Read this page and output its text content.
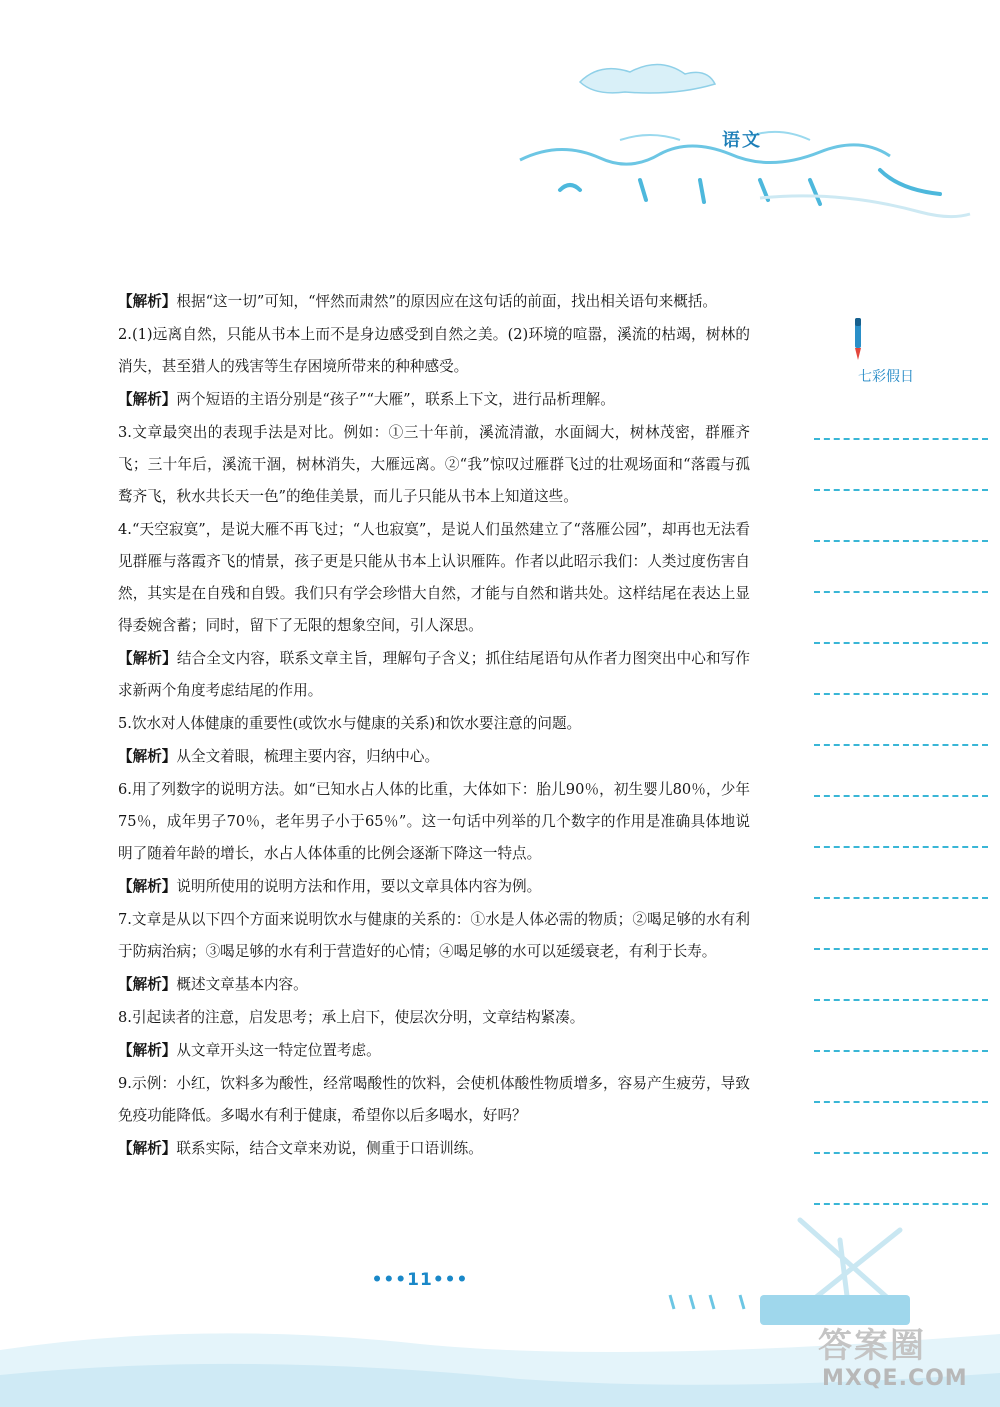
语文

【解析】根据“这一切”可知，“怦然而肃然”的原因应在这句话的前面，找出相关语句来概括。

2.(1)远离自然，只能从书本上而不是身边感受到自然之美。(2)环境的喧嚣，溪流的枯竭，树林的消失，甚至猎人的残害等生存困境所带来的种种感受。

【解析】两个短语的主语分别是“孩子”“大雁”，联系上下文，进行品析理解。

3.文章最突出的表现手法是对比。例如：①三十年前，溪流清澈，水面阔大，树林茂密，群雁齐飞；三十年后，溪流干涸，树林消失，大雁远离。②“我”惊叹过雁群飞过的壮观场面和“落霞与孤鹜齐飞，秋水共长天一色”的绝佳美景，而儿子只能从书本上知道这些。

4.“天空寂寞”，是说大雁不再飞过；“人也寂寞”，是说人们虽然建立了“落雁公园”，却再也无法看见群雁与落霞齐飞的情景，孩子更是只能从书本上认识雁阵。作者以此昭示我们：人类过度伤害自然，其实是在自残和自毁。我们只有学会珍惜大自然，才能与自然和谐共处。这样结尾在表达上显得委婉含蓄；同时，留下了无限的想象空间，引人深思。

【解析】结合全文内容，联系文章主旨，理解句子含义；抓住结尾语句从作者力图突出中心和写作求新两个角度考虑结尾的作用。

5.饮水对人体健康的重要性(或饮水与健康的关系)和饮水要注意的问题。

【解析】从全文着眼，梳理主要内容，归纳中心。

6.用了列数字的说明方法。如“已知水占人体的比重，大体如下：胎儿90％，初生婴儿80％，少年75％，成年男子70％，老年男子小于65％”。这一句话中列举的几个数字的作用是准确具体地说明了随着年龄的增长，水占人体体重的比例会逐渐下降这一特点。

【解析】说明所使用的说明方法和作用，要以文章具体内容为例。

7.文章是从以下四个方面来说明饮水与健康的关系的：①水是人体必需的物质；②喝足够的水有利于防病治病；③喝足够的水有利于营造好的心情；④喝足够的水可以延缓衰老，有利于长寿。

【解析】概述文章基本内容。

8.引起读者的注意，启发思考；承上启下，使层次分明，文章结构紧凑。

【解析】从文章开头这一特定位置考虑。

9.示例：小红，饮料多为酸性，经常喝酸性的饮料，会使机体酸性物质增多，容易产生疲劳，导致免疫功能降低。多喝水有利于健康，希望你以后多喝水，好吗？

【解析】联系实际，结合文章来劝说，侧重于口语训练。

七彩假日
•••11•••
答案圈
MXQE.COM
